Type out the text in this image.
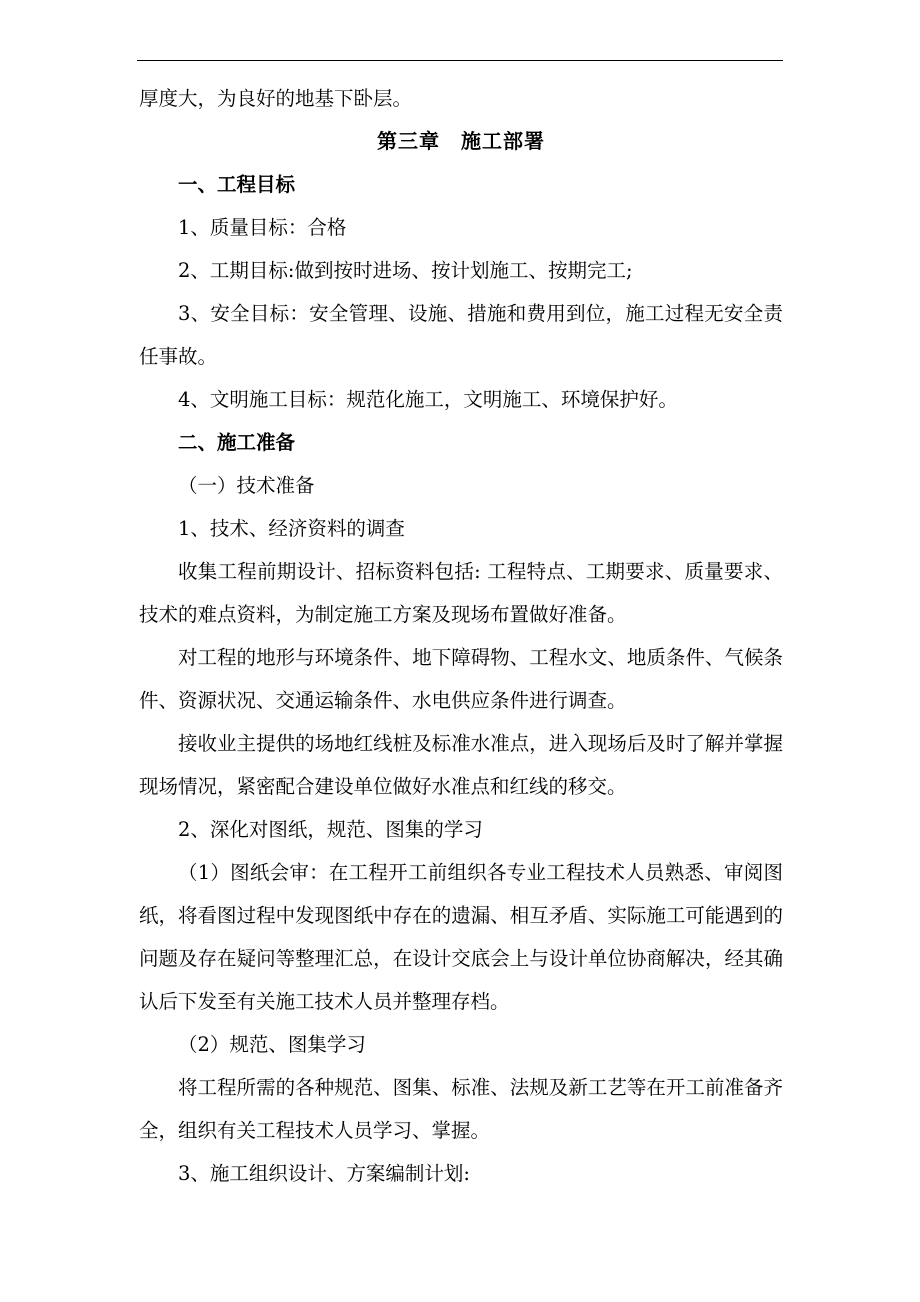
厚度大，为良好的地基下卧层。

第三章　施工部署

一、工程目标

1、质量目标：合格

2、工期目标:做到按时进场、按计划施工、按期完工;

3、安全目标：安全管理、设施、措施和费用到位，施工过程无安全责任事故。

4、文明施工目标：规范化施工，文明施工、环境保护好。

二、施工准备

（一）技术准备

1、技术、经济资料的调查

收集工程前期设计、招标资料包括: 工程特点、工期要求、质量要求、技术的难点资料，为制定施工方案及现场布置做好准备。

对工程的地形与环境条件、地下障碍物、工程水文、地质条件、气候条件、资源状况、交通运输条件、水电供应条件进行调查。

接收业主提供的场地红线桩及标准水准点，进入现场后及时了解并掌握现场情况，紧密配合建设单位做好水准点和红线的移交。

2、深化对图纸，规范、图集的学习

（1）图纸会审：在工程开工前组织各专业工程技术人员熟悉、审阅图纸，将看图过程中发现图纸中存在的遗漏、相互矛盾、实际施工可能遇到的问题及存在疑问等整理汇总，在设计交底会上与设计单位协商解决，经其确认后下发至有关施工技术人员并整理存档。

（2）规范、图集学习

将工程所需的各种规范、图集、标准、法规及新工艺等在开工前准备齐全，组织有关工程技术人员学习、掌握。

3、施工组织设计、方案编制计划:
